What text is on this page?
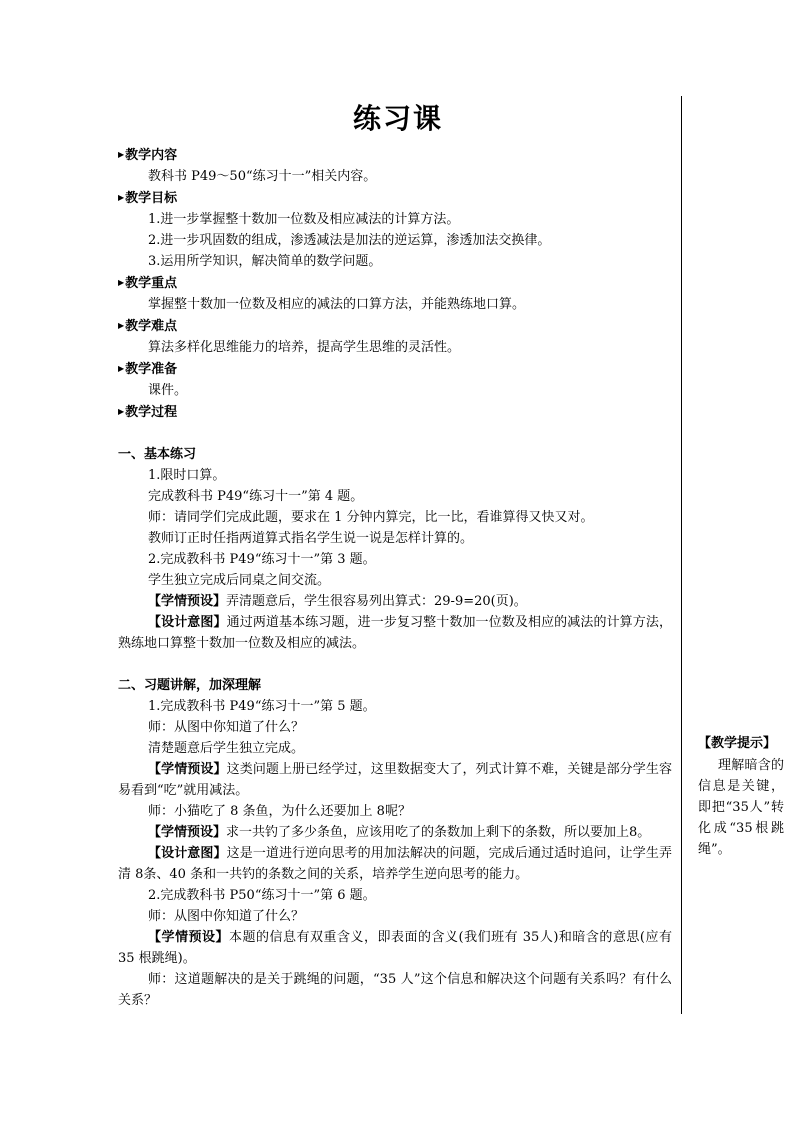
练习课
▶教学内容
教科书 P49～50“练习十一”相关内容。
▶教学目标
1.进一步掌握整十数加一位数及相应减法的计算方法。
2.进一步巩固数的组成，渗透减法是加法的逆运算，渗透加法交换律。
3.运用所学知识，解决简单的数学问题。
▶教学重点
掌握整十数加一位数及相应的减法的口算方法，并能熟练地口算。
▶教学难点
算法多样化思维能力的培养，提高学生思维的灵活性。
▶教学准备
课件。
▶教学过程
一、基本练习
1.限时口算。
完成教科书 P49“练习十一”第 4 题。
师：请同学们完成此题，要求在 1 分钟内算完，比一比，看谁算得又快又对。
教师订正时任指两道算式指名学生说一说是怎样计算的。
2.完成教科书 P49“练习十一”第 3 题。
学生独立完成后同桌之间交流。
【学情预设】弄清题意后，学生很容易列出算式：29-9=20(页)。
【设计意图】通过两道基本练习题，进一步复习整十数加一位数及相应的减法的计算方法，熟练地口算整十数加一位数及相应的减法。
二、习题讲解，加深理解
1.完成教科书 P49“练习十一”第 5 题。
师：从图中你知道了什么？
清楚题意后学生独立完成。
【学情预设】这类问题上册已经学过，这里数据变大了，列式计算不难，关键是部分学生容易看到“吃”就用减法。
师：小猫吃了 8 条鱼，为什么还要加上 8呢？
【学情预设】求一共钓了多少条鱼，应该用吃了的条数加上剩下的条数，所以要加上8。
【设计意图】这是一道进行逆向思考的用加法解决的问题，完成后通过适时追问，让学生弄清 8条、40 条和一共钓的条数之间的关系，培养学生逆向思考的能力。
2.完成教科书 P50“练习十一”第 6 题。
师：从图中你知道了什么？
【学情预设】本题的信息有双重含义，即表面的含义(我们班有 35人)和暗含的意思(应有 35 根跳绳)。
师：这道题解决的是关于跳绳的问题，“35 人”这个信息和解决这个问题有关系吗？有什么关系？
【教学提示】
理解暗含的信息是关键，即把“35人”转化成“35根跳绳”。
